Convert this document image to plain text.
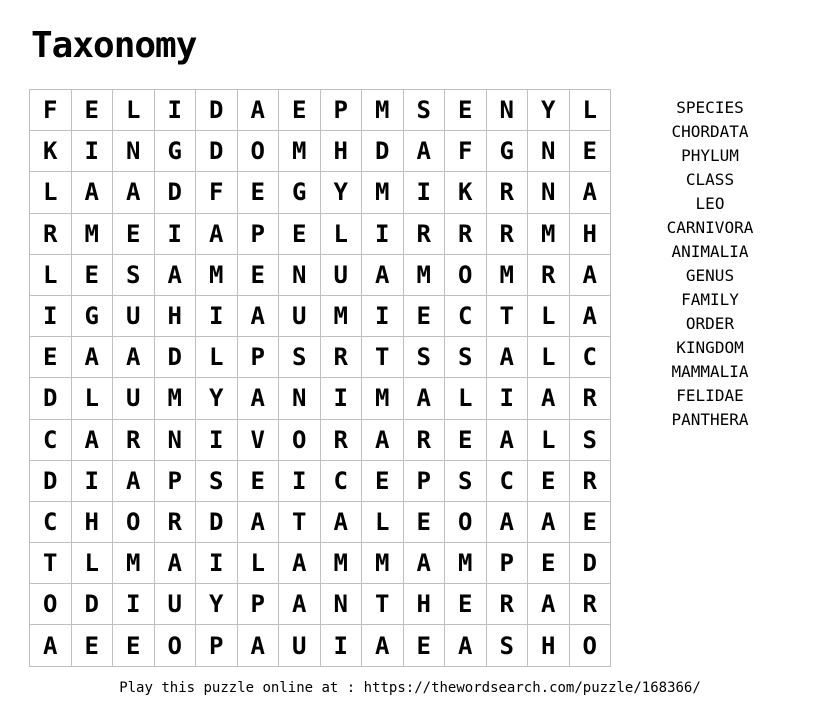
Taxonomy
F	E	L	I	D	A	E	P	M	S	E	N	Y	L
K	I	N	G	D	O	M	H	D	A	F	G	N	E
L	A	A	D	F	E	G	Y	M	I	K	R	N	A
R	M	E	I	A	P	E	L	I	R	R	R	M	H
L	E	S	A	M	E	N	U	A	M	O	M	R	A
I	G	U	H	I	A	U	M	I	E	C	T	L	A
E	A	A	D	L	P	S	R	T	S	S	A	L	C
D	L	U	M	Y	A	N	I	M	A	L	I	A	R
C	A	R	N	I	V	O	R	A	R	E	A	L	S
D	I	A	P	S	E	I	C	E	P	S	C	E	R
C	H	O	R	D	A	T	A	L	E	O	A	A	E
T	L	M	A	I	L	A	M	M	A	M	P	E	D
O	D	I	U	Y	P	A	N	T	H	E	R	A	R
A	E	E	O	P	A	U	I	A	E	A	S	H	O
SPECIES
CHORDATA
PHYLUM
CLASS
LEO
CARNIVORA
ANIMALIA
GENUS
FAMILY
ORDER
KINGDOM
MAMMALIA
FELIDAE
PANTHERA
Play this puzzle online at : https://thewordsearch.com/puzzle/168366/
